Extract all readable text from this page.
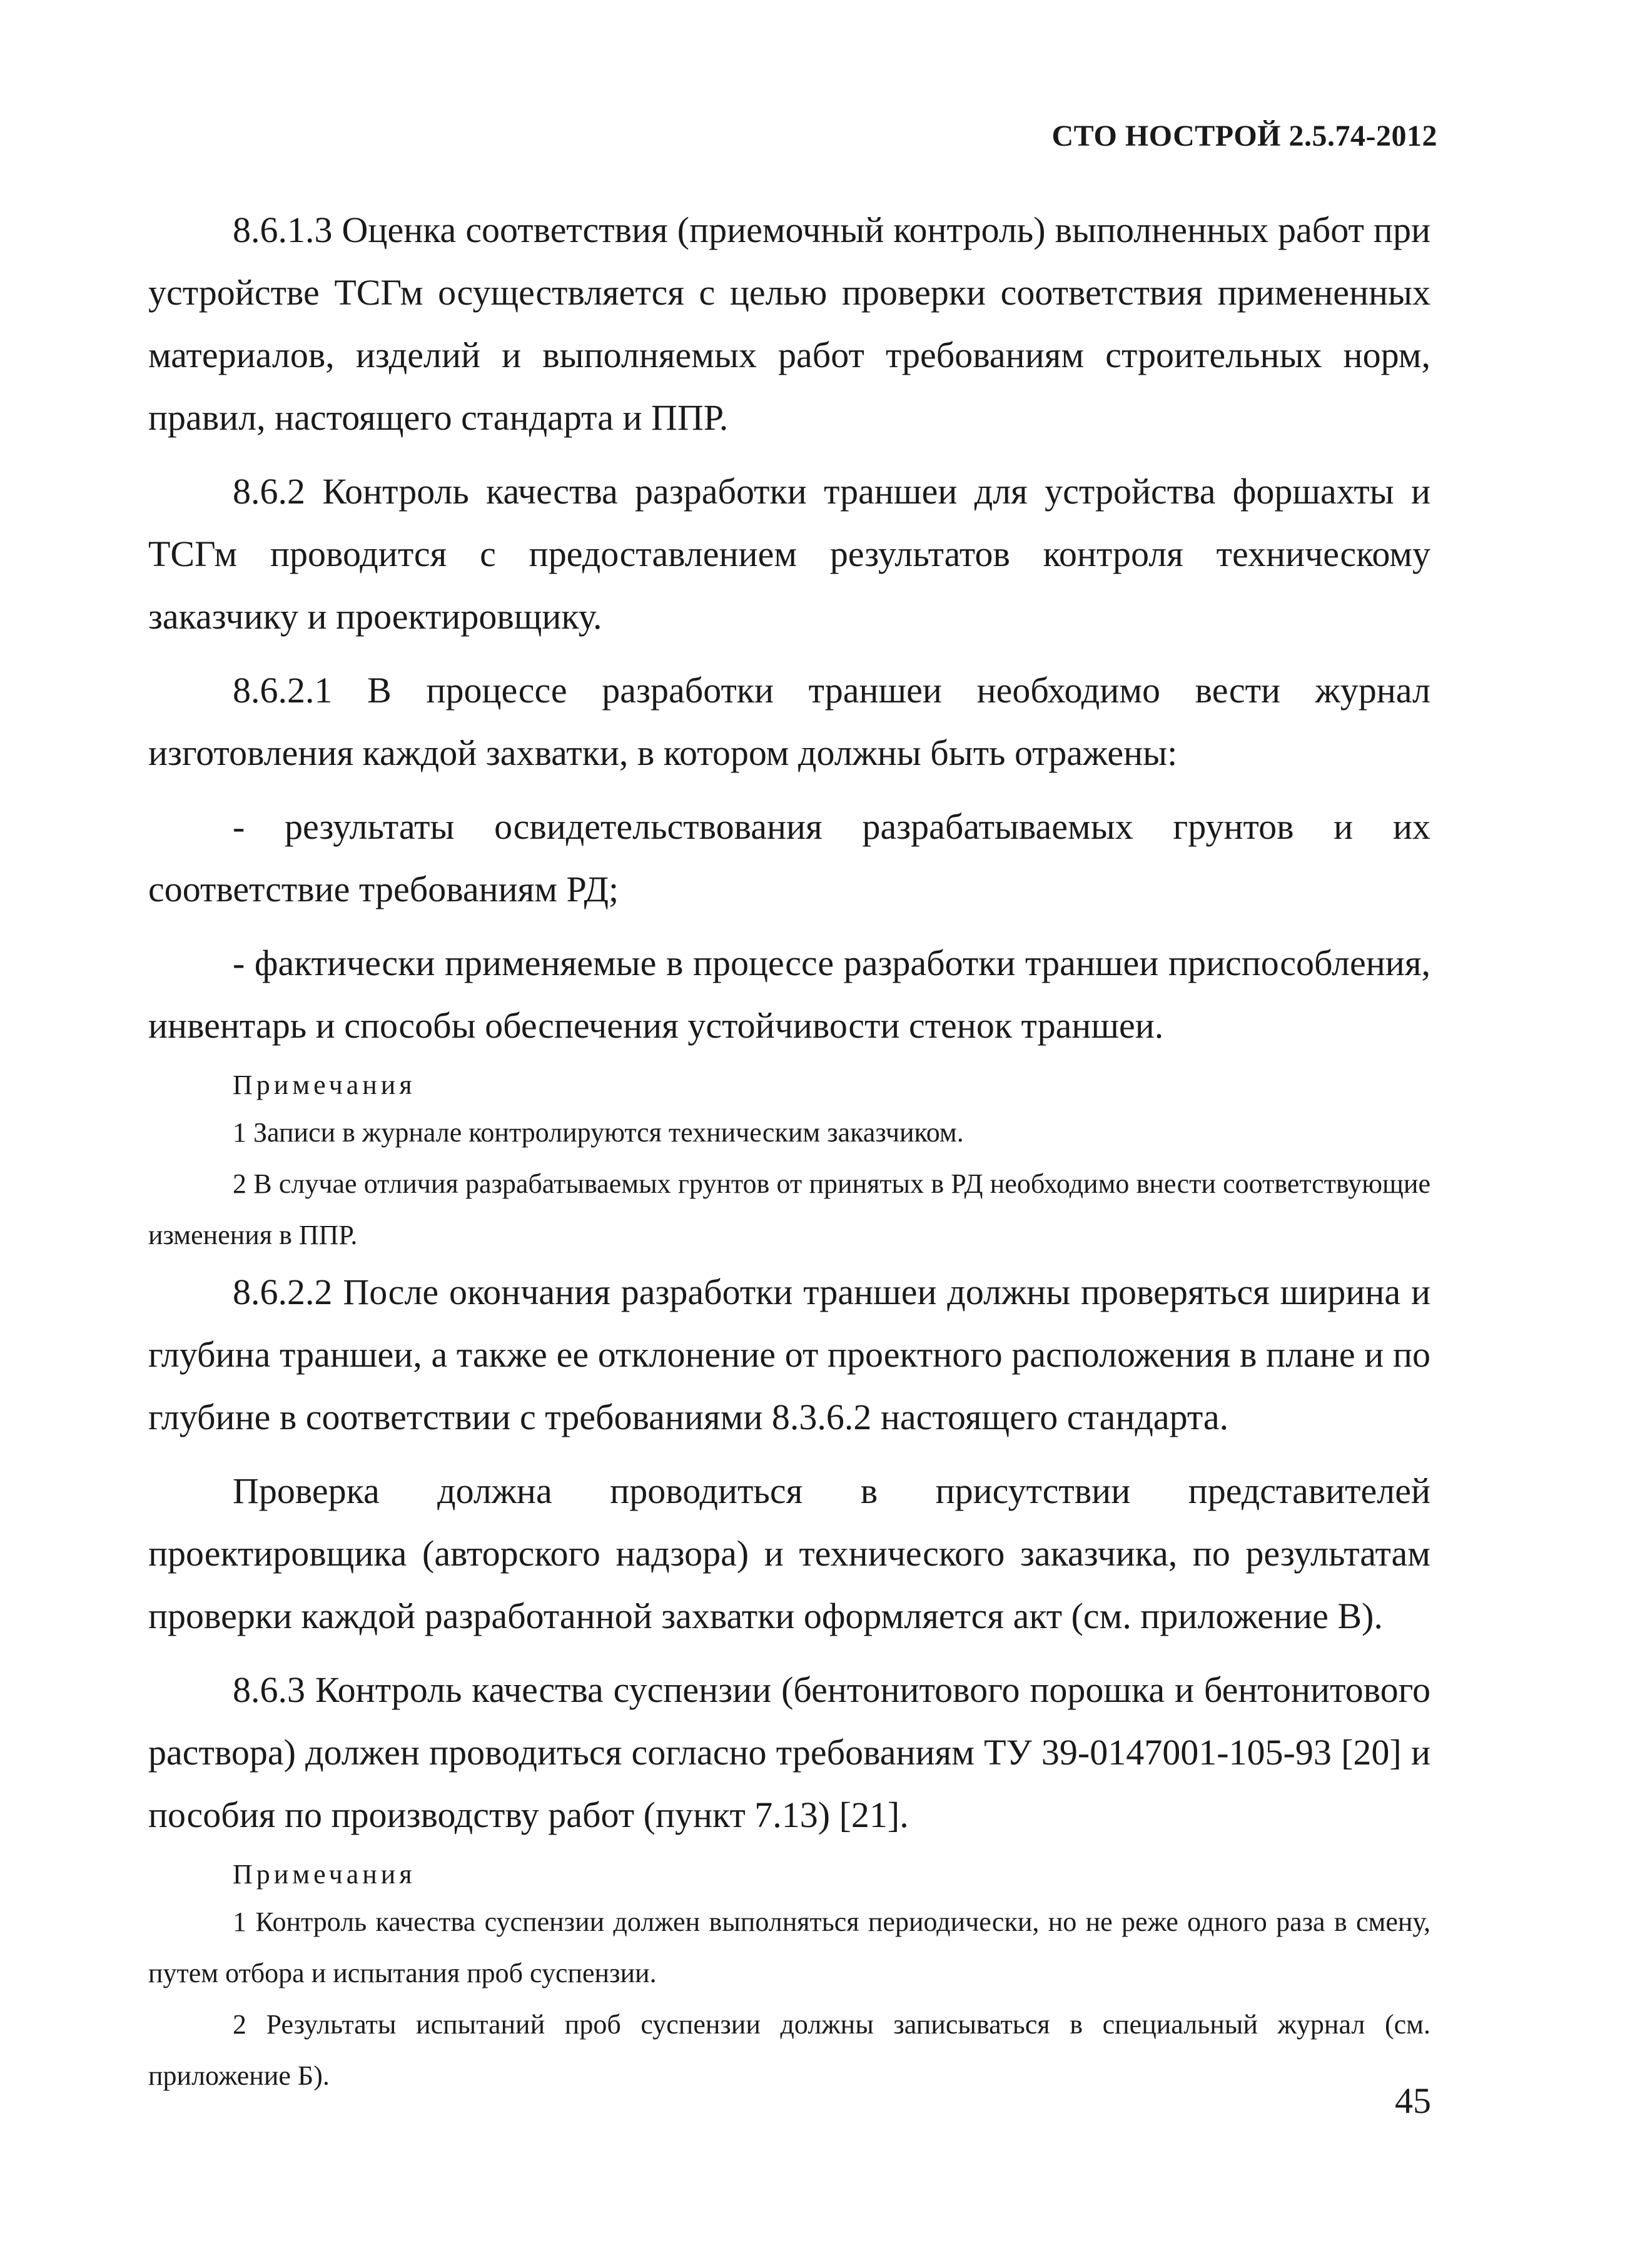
СТО НОСТРОЙ 2.5.74-2012

8.6.1.3 Оценка соответствия (приемочный контроль) выполненных работ при устройстве ТСГм осуществляется с целью проверки соответствия примененных материалов, изделий и выполняемых работ требованиям строительных норм, правил, настоящего стандарта и ППР.

8.6.2 Контроль качества разработки траншеи для устройства форшахты и ТСГм проводится с предоставлением результатов контроля техническому заказчику и проектировщику.

8.6.2.1 В процессе разработки траншеи необходимо вести журнал изготовления каждой захватки, в котором должны быть отражены:

- результаты освидетельствования разрабатываемых грунтов и их соответствие требованиям РД;

- фактически применяемые в процессе разработки траншеи приспособления, инвентарь и способы обеспечения устойчивости стенок траншеи.

Примечания

1 Записи в журнале контролируются техническим заказчиком.

2 В случае отличия разрабатываемых грунтов от принятых в РД необходимо внести соответствующие изменения в ППР.

8.6.2.2 После окончания разработки траншеи должны проверяться ширина и глубина траншеи, а также ее отклонение от проектного расположения в плане и по глубине в соответствии с требованиями 8.3.6.2 настоящего стандарта.

Проверка должна проводиться в присутствии представителей проектировщика (авторского надзора) и технического заказчика, по результатам проверки каждой разработанной захватки оформляется акт (см. приложение В).

8.6.3 Контроль качества суспензии (бентонитового порошка и бентонитового раствора) должен проводиться согласно требованиям ТУ 39-0147001-105-93 [20] и пособия по производству работ (пункт 7.13) [21].

Примечания

1 Контроль качества суспензии должен выполняться периодически, но не реже одного раза в смену, путем отбора и испытания проб суспензии.

2 Результаты испытаний проб суспензии должны записываться в специальный журнал (см. приложение Б).

45
